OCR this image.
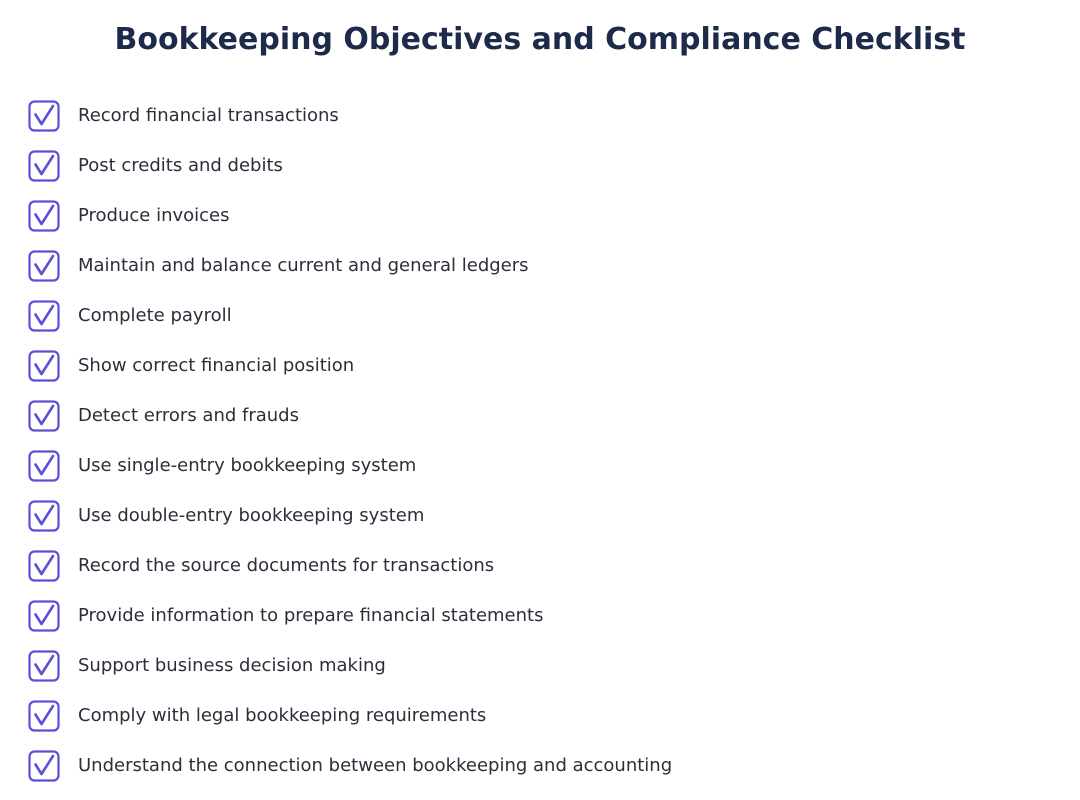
Bookkeeping Objectives and Compliance Checklist
Record financial transactions
Post credits and debits
Produce invoices
Maintain and balance current and general ledgers
Complete payroll
Show correct financial position
Detect errors and frauds
Use single-entry bookkeeping system
Use double-entry bookkeeping system
Record the source documents for transactions
Provide information to prepare financial statements
Support business decision making
Comply with legal bookkeeping requirements
Understand the connection between bookkeeping and accounting
